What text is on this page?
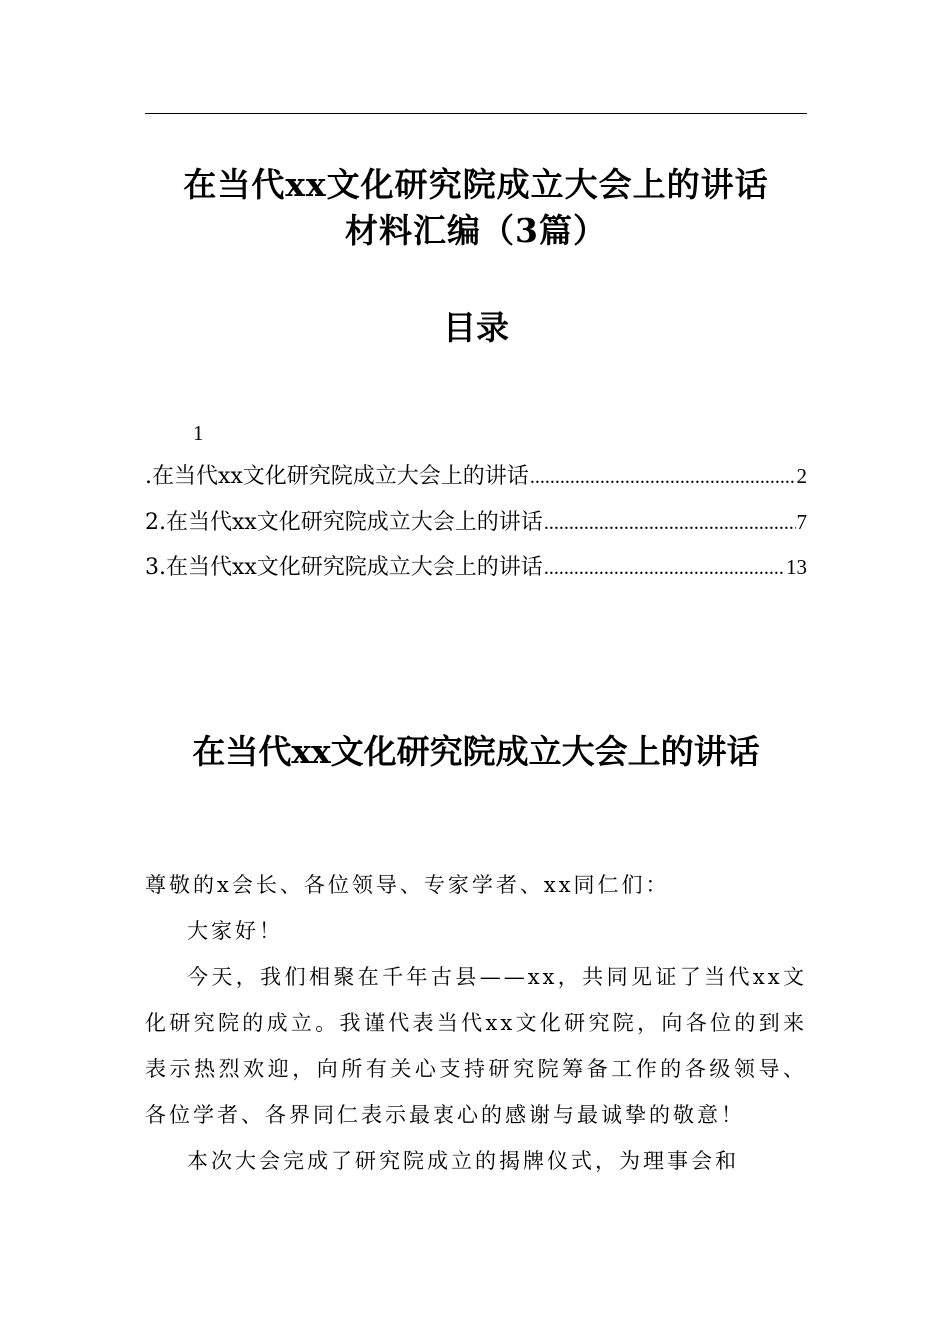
在当代xx文化研究院成立大会上的讲话
材料汇编（3篇）
目录
1
.在当代xx文化研究院成立大会上的讲话 .....	2
2.在当代xx文化研究院成立大会上的讲话 .....	7
3.在当代xx文化研究院成立大会上的讲话 .....	13
在当代xx文化研究院成立大会上的讲话
尊敬的x会长、各位领导、专家学者、xx同仁们：

大家好！

今天，我们相聚在千年古县——xx，共同见证了当代xx文化研究院的成立。我谨代表当代xx文化研究院，向各位的到来表示热烈欢迎，向所有关心支持研究院筹备工作的各级领导、各位学者、各界同仁表示最衷心的感谢与最诚挚的敬意！

本次大会完成了研究院成立的揭牌仪式，为理事会和
